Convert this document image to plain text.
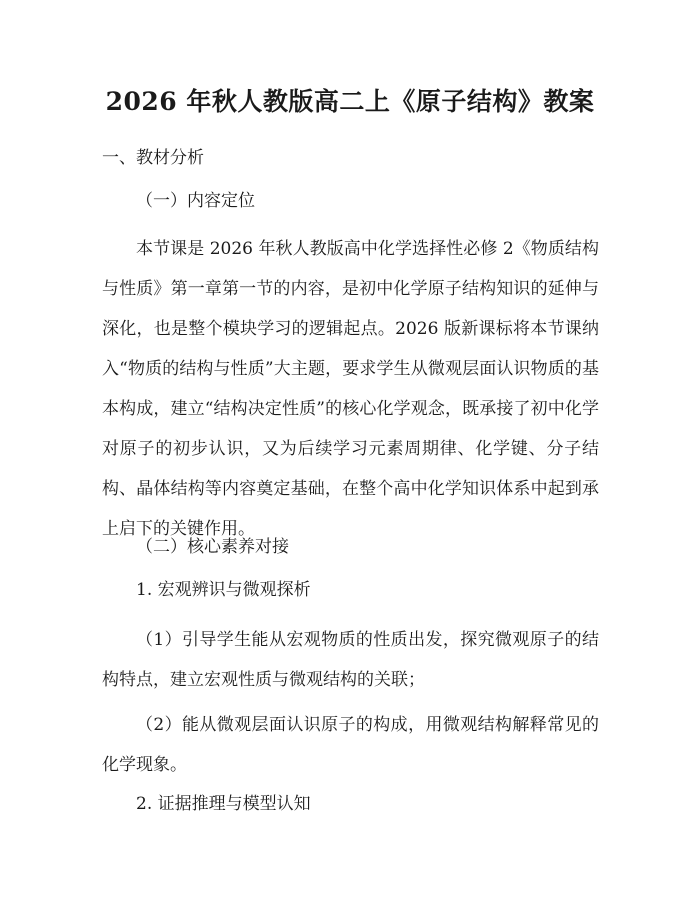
2026 年秋人教版高二上《原子结构》教案
一、教材分析
（一）内容定位
本节课是 2026 年秋人教版高中化学选择性必修 2《物质结构与性质》第一章第一节的内容，是初中化学原子结构知识的延伸与深化，也是整个模块学习的逻辑起点。2026 版新课标将本节课纳入“物质的结构与性质”大主题，要求学生从微观层面认识物质的基本构成，建立“结构决定性质”的核心化学观念，既承接了初中化学对原子的初步认识，又为后续学习元素周期律、化学键、分子结构、晶体结构等内容奠定基础，在整个高中化学知识体系中起到承上启下的关键作用。
（二）核心素养对接
1. 宏观辨识与微观探析
（1）引导学生能从宏观物质的性质出发，探究微观原子的结构特点，建立宏观性质与微观结构的关联；
（2）能从微观层面认识原子的构成，用微观结构解释常见的化学现象。
2. 证据推理与模型认知
